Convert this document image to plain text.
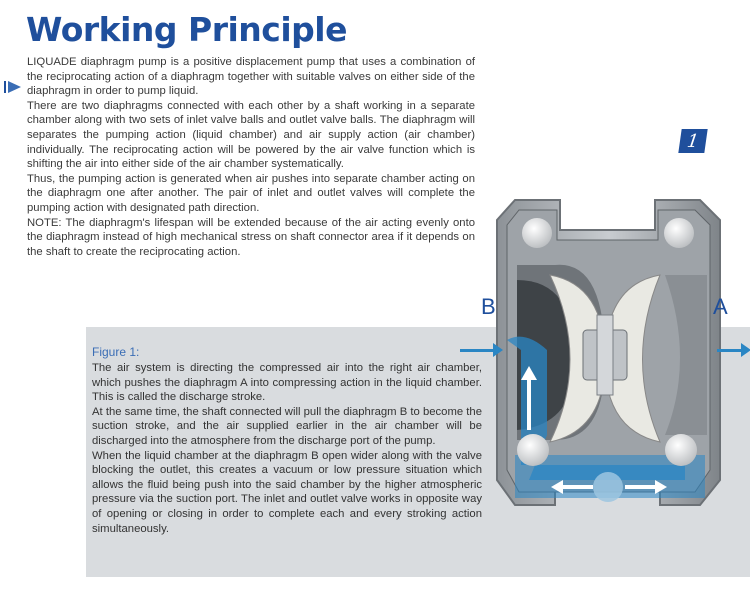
Working Principle

LIQUADE diaphragm pump is a positive displacement pump that uses a combination of the reciprocating action of a diaphragm together with suitable valves on either side of the diaphragm in order to pump liquid.

There are two diaphragms connected with each other by a shaft working in a separate chamber along with two sets of inlet valve balls and outlet valve balls. The diaphragm will separates the pumping action (liquid chamber) and air supply action (air chamber) individually. The reciprocating action will be powered by the air valve function which is shifting the air into either side of the air chamber systematically.

Thus, the pumping action is generated when air pushes into separate chamber acting on the diaphragm one after another. The pair of inlet and outlet valves will complete the pumping action with designated path direction.

NOTE: The diaphragm's lifespan will be extended because of the air acting evenly onto the diaphragm instead of high mechanical stress on shaft connector area if it depends on the shaft to create the reciprocating action.

1
B	A
Figure 1:

The air system is directing the compressed air into the right air chamber, which pushes the diaphragm A into compressing action in the liquid chamber. This is called the discharge stroke.

At the same time, the shaft connected will pull the diaphragm B to become the suction stroke, and the air supplied earlier in the air chamber will be discharged into the atmosphere from the discharge port of the pump.

When the liquid chamber at the diaphragm B open wider along with the valve blocking the outlet, this creates a vacuum or low pressure situation which allows the fluid being push into the said chamber by the higher atmospheric pressure via the suction port. The inlet and outlet valve works in opposite way of opening or closing in order to complete each and every stroking action simultaneously.
